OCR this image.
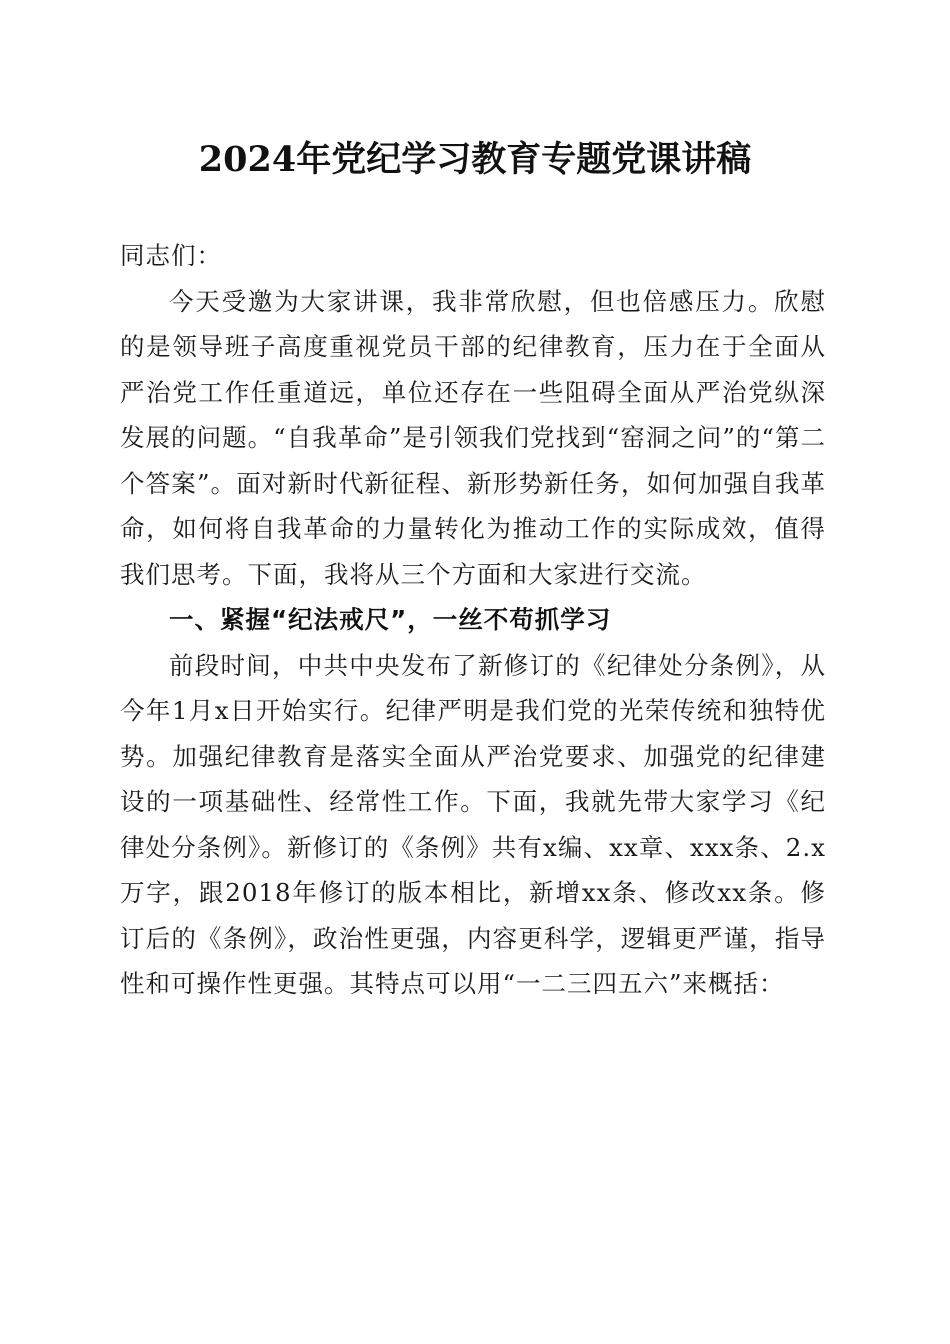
2024年党纪学习教育专题党课讲稿

同志们：

今天受邀为大家讲课，我非常欣慰，但也倍感压力。欣慰的是领导班子高度重视党员干部的纪律教育，压力在于全面从严治党工作任重道远，单位还存在一些阻碍全面从严治党纵深发展的问题。“自我革命”是引领我们党找到“窑洞之问”的“第二个答案”。面对新时代新征程、新形势新任务，如何加强自我革命，如何将自我革命的力量转化为推动工作的实际成效，值得我们思考。下面，我将从三个方面和大家进行交流。

一、紧握“纪法戒尺”，一丝不苟抓学习

前段时间，中共中央发布了新修订的《纪律处分条例》，从今年1月x日开始实行。纪律严明是我们党的光荣传统和独特优势。加强纪律教育是落实全面从严治党要求、加强党的纪律建设的一项基础性、经常性工作。下面，我就先带大家学习《纪律处分条例》。新修订的《条例》共有x编、xx章、xxx条、2.x万字，跟2018年修订的版本相比，新增xx条、修改xx条。修订后的《条例》，政治性更强，内容更科学，逻辑更严谨，指导性和可操作性更强。其特点可以用“一二三四五六”来概括：
